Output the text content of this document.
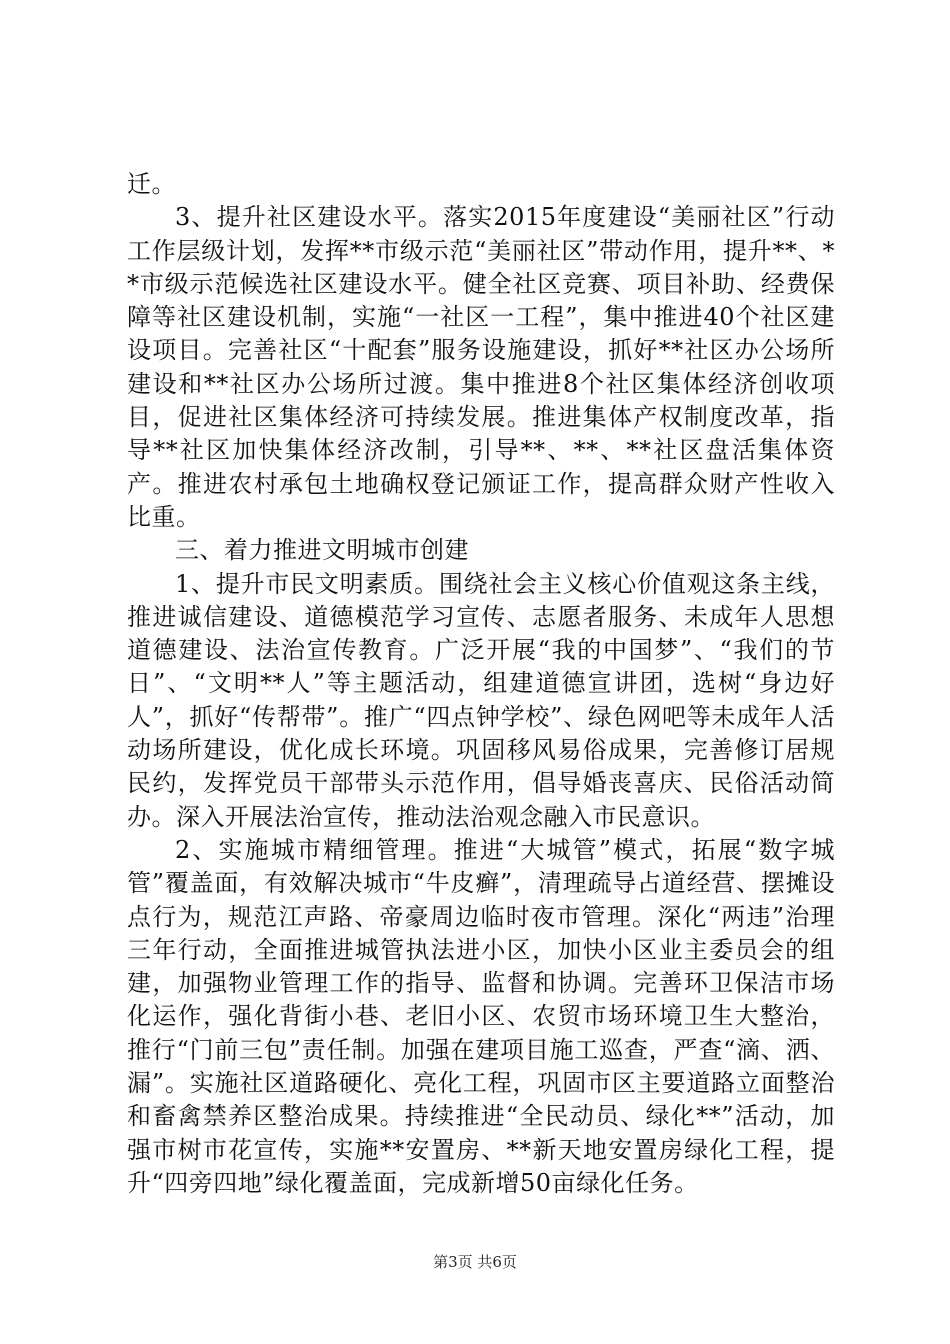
迁。

3、提升社区建设水平。落实2015年度建设“美丽社区”行动工作层级计划，发挥**市级示范“美丽社区”带动作用，提升**、**市级示范候选社区建设水平。健全社区竞赛、项目补助、经费保障等社区建设机制，实施“一社区一工程”，集中推进40个社区建设项目。完善社区“十配套”服务设施建设，抓好**社区办公场所建设和**社区办公场所过渡。集中推进8个社区集体经济创收项目，促进社区集体经济可持续发展。推进集体产权制度改革，指导**社区加快集体经济改制，引导**、**、**社区盘活集体资产。推进农村承包土地确权登记颁证工作，提高群众财产性收入比重。

三、着力推进文明城市创建

1、提升市民文明素质。围绕社会主义核心价值观这条主线，推进诚信建设、道德模范学习宣传、志愿者服务、未成年人思想道德建设、法治宣传教育。广泛开展“我的中国梦”、“我们的节日”、“文明**人”等主题活动，组建道德宣讲团，选树“身边好人”，抓好“传帮带”。推广“四点钟学校”、绿色网吧等未成年人活动场所建设，优化成长环境。巩固移风易俗成果，完善修订居规民约，发挥党员干部带头示范作用，倡导婚丧喜庆、民俗活动简办。深入开展法治宣传，推动法治观念融入市民意识。

2、实施城市精细管理。推进“大城管”模式，拓展“数字城管”覆盖面，有效解决城市“牛皮癣”，清理疏导占道经营、摆摊设点行为，规范江声路、帝豪周边临时夜市管理。深化“两违”治理三年行动，全面推进城管执法进小区，加快小区业主委员会的组建，加强物业管理工作的指导、监督和协调。完善环卫保洁市场化运作，强化背街小巷、老旧小区、农贸市场环境卫生大整治，推行“门前三包”责任制。加强在建项目施工巡查，严查“滴、洒、漏”。实施社区道路硬化、亮化工程，巩固市区主要道路立面整治和畜禽禁养区整治成果。持续推进“全民动员、绿化**”活动，加强市树市花宣传，实施**安置房、**新天地安置房绿化工程，提升“四旁四地”绿化覆盖面，完成新增50亩绿化任务。

第3页 共6页
